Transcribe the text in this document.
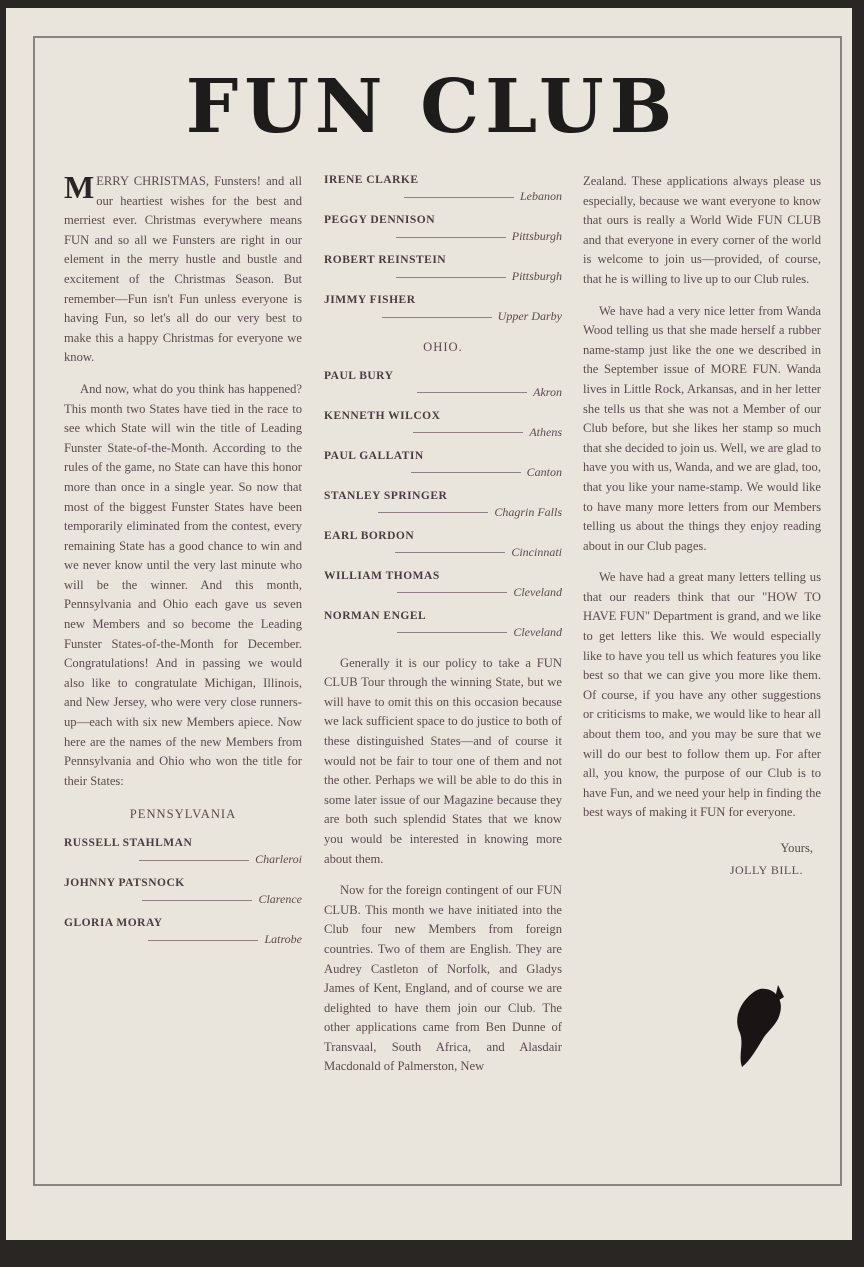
FUN CLUB

MERRY CHRISTMAS, Funsters! and all our heartiest wishes for the best and merriest ever. Christmas everywhere means FUN and so all we Funsters are right in our element in the merry hustle and bustle and excitement of the Christmas Season. But remember—Fun isn't Fun unless everyone is having Fun, so let's all do our very best to make this a happy Christmas for everyone we know.

And now, what do you think has happened? This month two States have tied in the race to see which State will win the title of Leading Funster State-of-the-Month. According to the rules of the game, no State can have this honor more than once in a single year. So now that most of the biggest Funster States have been temporarily eliminated from the contest, every remaining State has a good chance to win and we never know until the very last minute who will be the winner. And this month, Pennsylvania and Ohio each gave us seven new Members and so become the Leading Funster States-of-the-Month for December. Congratulations! And in passing we would also like to congratulate Michigan, Illinois, and New Jersey, who were very close runners-up—each with six new Members apiece. Now here are the names of the new Members from Pennsylvania and Ohio who won the title for their States:

PENNSYLVANIA
RUSSELL STAHLMAN
Charleroi
JOHNNY PATSNOCK
Clarence
GLORIA MORAY
Latrobe
IRENE CLARKE
Lebanon
PEGGY DENNISON
Pittsburgh
ROBERT REINSTEIN
Pittsburgh
JIMMY FISHER
Upper Darby
OHIO.
PAUL BURY
Akron
KENNETH WILCOX
Athens
PAUL GALLATIN
Canton
STANLEY SPRINGER
Chagrin Falls
EARL BORDON
Cincinnati
WILLIAM THOMAS
Cleveland
NORMAN ENGEL
Cleveland

Generally it is our policy to take a FUN CLUB Tour through the winning State, but we will have to omit this on this occasion because we lack sufficient space to do justice to both of these distinguished States—and of course it would not be fair to tour one of them and not the other. Perhaps we will be able to do this in some later issue of our Magazine because they are both such splendid States that we know you would be interested in knowing more about them.

Now for the foreign contingent of our FUN CLUB. This month we have initiated into the Club four new Members from foreign countries. Two of them are English. They are Audrey Castleton of Norfolk, and Gladys James of Kent, England, and of course we are delighted to have them join our Club. The other applications came from Ben Dunne of Transvaal, South Africa, and Alasdair Macdonald of Palmerston, New

Zealand. These applications always please us especially, because we want everyone to know that ours is really a World Wide FUN CLUB and that everyone in every corner of the world is welcome to join us—provided, of course, that he is willing to live up to our Club rules.

We have had a very nice letter from Wanda Wood telling us that she made herself a rubber name-stamp just like the one we described in the September issue of MORE FUN. Wanda lives in Little Rock, Arkansas, and in her letter she tells us that she was not a Member of our Club before, but she likes her stamp so much that she decided to join us. Well, we are glad to have you with us, Wanda, and we are glad, too, that you like your name-stamp. We would like to have many more letters from our Members telling us about the things they enjoy reading about in our Club pages.

We have had a great many letters telling us that our readers think that our "HOW TO HAVE FUN" Department is grand, and we like to get letters like this. We would especially like to have you tell us which features you like best so that we can give you more like them. Of course, if you have any other suggestions or criticisms to make, we would like to hear all about them too, and you may be sure that we will do our best to follow them up. For after all, you know, the purpose of our Club is to have Fun, and we need your help in finding the best ways of making it FUN for everyone.

Yours,
JOLLY BILL.
